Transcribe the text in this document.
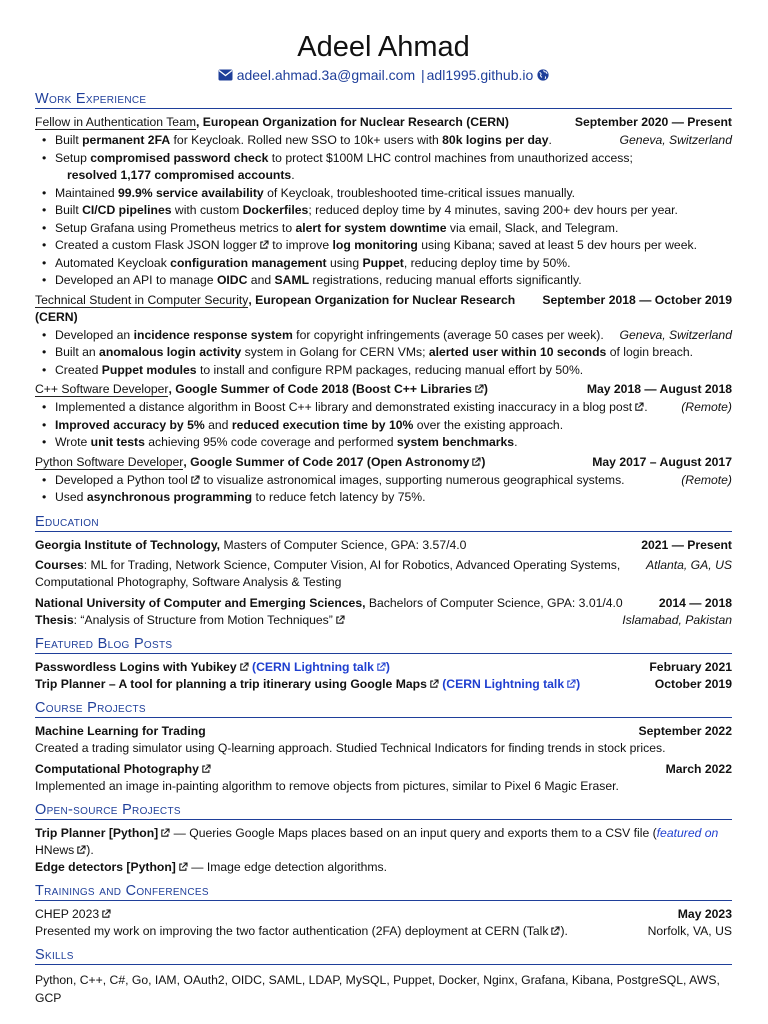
Adeel Ahmad
adeel.ahmad.3a@gmail.com | adl1995.github.io
Work Experience
Fellow in Authentication Team, European Organization for Nuclear Research (CERN)	September 2020 — Present
• Built permanent 2FA for Keycloak. Rolled new SSO to 10k+ users with 80k logins per day.	Geneva, Switzerland
• Setup compromised password check to protect $100M LHC control machines from unauthorized access;
resolved 1,177 compromised accounts.
• Maintained 99.9% service availability of Keycloak, troubleshooted time-critical issues manually.
• Built CI/CD pipelines with custom Dockerfiles; reduced deploy time by 4 minutes, saving 200+ dev hours per year.
• Setup Grafana using Prometheus metrics to alert for system downtime via email, Slack, and Telegram.
• Created a custom Flask JSON logger to improve log monitoring using Kibana; saved at least 5 dev hours per week.
• Automated Keycloak configuration management using Puppet, reducing deploy time by 50%.
• Developed an API to manage OIDC and SAML registrations, reducing manual efforts significantly.
Technical Student in Computer Security, European Organization for Nuclear Research (CERN)
September 2018 — October 2019
• Developed an incidence response system for copyright infringements (average 50 cases per week).	Geneva, Switzerland
• Built an anomalous login activity system in Golang for CERN VMs; alerted user within 10 seconds of login breach.
• Created Puppet modules to install and configure RPM packages, reducing manual effort by 50%.
C++ Software Developer, Google Summer of Code 2018 (Boost C++ Libraries )	May 2018 — August 2018
• Implemented a distance algorithm in Boost C++ library and demonstrated existing inaccuracy in a blog post .	(Remote)
• Improved accuracy by 5% and reduced execution time by 10% over the existing approach.
• Wrote unit tests achieving 95% code coverage and performed system benchmarks.
Python Software Developer, Google Summer of Code 2017 (Open Astronomy )	May 2017 – August 2017
• Developed a Python tool to visualize astronomical images, supporting numerous geographical systems.	(Remote)
• Used asynchronous programming to reduce fetch latency by 75%.
Education
Georgia Institute of Technology, Masters of Computer Science, GPA: 3.57/4.0	2021 — Present
Courses: ML for Trading, Network Science, Computer Vision, AI for Robotics, Advanced Operating Systems,	Atlanta, GA, US
Computational Photography, Software Analysis & Testing
National University of Computer and Emerging Sciences, Bachelors of Computer Science, GPA: 3.01/4.0	2014 — 2018
Thesis: “Analysis of Structure from Motion Techniques”	Islamabad, Pakistan
Featured Blog Posts
Passwordless Logins with Yubikey (CERN Lightning talk )	February 2021
Trip Planner – A tool for planning a trip itinerary using Google Maps (CERN Lightning talk )	October 2019
Course Projects
Machine Learning for Trading	September 2022
Created a trading simulator using Q-learning approach. Studied Technical Indicators for finding trends in stock prices.
Computational Photography	March 2022
Implemented an image in-painting algorithm to remove objects from pictures, similar to Pixel 6 Magic Eraser.
Open-source Projects
Trip Planner [Python] — Queries Google Maps places based on an input query and exports them to a CSV file (featured on HNews ).
Edge detectors [Python] — Image edge detection algorithms.
Trainings and Conferences
CHEP 2023	May 2023
Presented my work on improving the two factor authentication (2FA) deployment at CERN (Talk ).	Norfolk, VA, US
Skills
Python, C++, C#, Go, IAM, OAuth2, OIDC, SAML, LDAP, MySQL, Puppet, Docker, Nginx, Grafana, Kibana, PostgreSQL, AWS, GCP
